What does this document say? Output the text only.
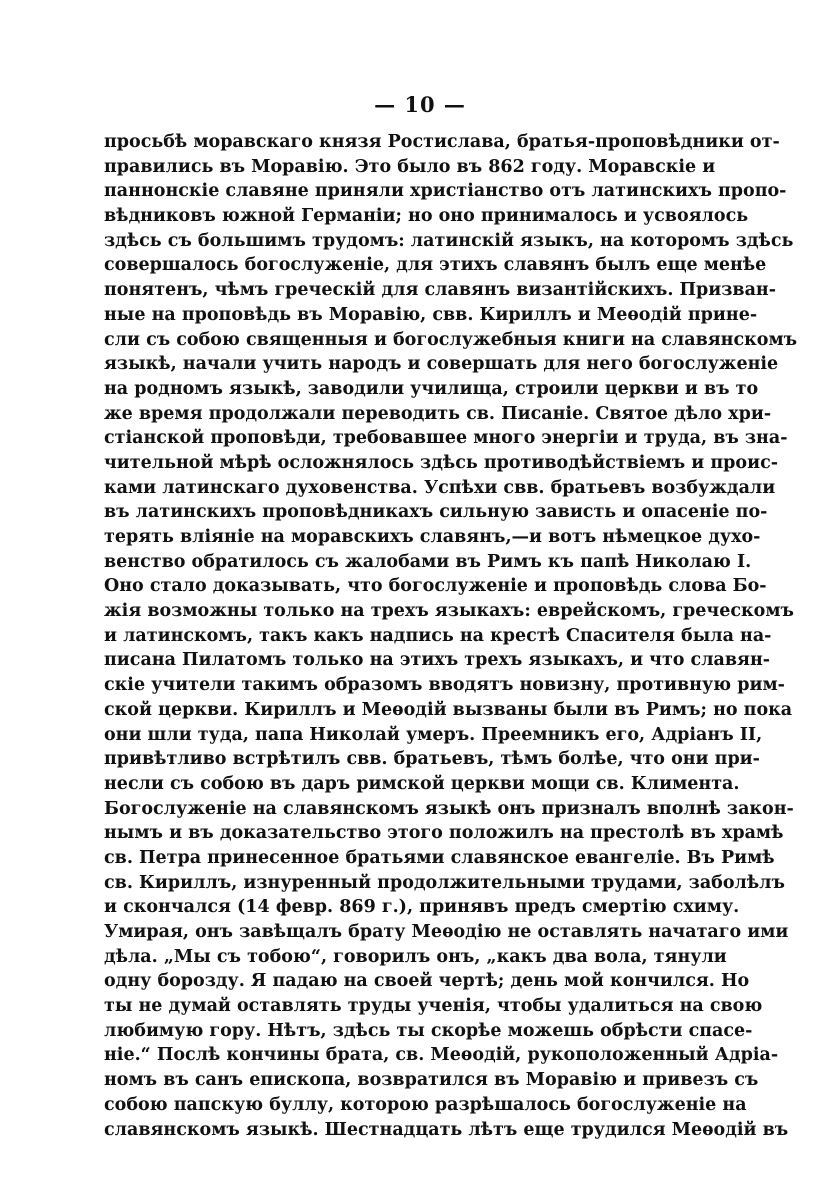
— 10 —
просьбѣ моравскаго князя Ростислава, братья-проповѣдники от-
правились въ Моравію. Это было въ 862 году. Моравскіе и
паннонскіе славяне приняли христіанство отъ латинскихъ пропо-
вѣдниковъ южной Германіи; но оно принималось и усвоялось
здѣсь съ большимъ трудомъ: латинскій языкъ, на которомъ здѣсь
совершалось богослуженіе, для этихъ славянъ былъ еще менѣе
понятенъ, чѣмъ греческій для славянъ византійскихъ. Призван-
ные на проповѣдь въ Моравію, свв. Кириллъ и Меѳодій прине-
сли съ собою священныя и богослужебныя книги на славянскомъ
языкѣ, начали учить народъ и совершать для него богослуженіе
на родномъ языкѣ, заводили училища, строили церкви и въ то
же время продолжали переводить св. Писаніе. Святое дѣло хри-
стіанской проповѣди, требовавшее много энергіи и труда, въ зна-
чительной мѣрѣ осложнялось здѣсь противодѣйствіемъ и проис-
ками латинскаго духовенства. Успѣхи свв. братьевъ возбуждали
въ латинскихъ проповѣдникахъ сильную зависть и опасеніе по-
терять вліяніе на моравскихъ славянъ,—и вотъ нѣмецкое духо-
венство обратилось съ жалобами въ Римъ къ папѣ Николаю I.
Оно стало доказывать, что богослуженіе и проповѣдь слова Бо-
жія возможны только на трехъ языкахъ: еврейскомъ, греческомъ
и латинскомъ, такъ какъ надпись на крестѣ Спасителя была на-
писана Пилатомъ только на этихъ трехъ языкахъ, и что славян-
скіе учители такимъ образомъ вводятъ новизну, противную рим-
ской церкви. Кириллъ и Меѳодій вызваны были въ Римъ; но пока
они шли туда, папа Николай умеръ. Преемникъ его, Адріанъ II,
привѣтливо встрѣтилъ свв. братьевъ, тѣмъ болѣе, что они при-
несли съ собою въ даръ римской церкви мощи св. Климента.
Богослуженіе на славянскомъ языкѣ онъ призналъ вполнѣ закон-
нымъ и въ доказательство этого положилъ на престолѣ въ храмѣ
св. Петра принесенное братьями славянское евангеліе. Въ Римѣ
св. Кириллъ, изнуренный продолжительными трудами, заболѣлъ
и скончался (14 февр. 869 г.), принявъ предъ смертію схиму.
Умирая, онъ завѣщалъ брату Меѳодію не оставлять начатаго ими
дѣла. „Мы съ тобою“, говорилъ онъ, „какъ два вола, тянули
одну борозду. Я падаю на своей чертѣ; день мой кончился. Но
ты не думай оставлять труды ученія, чтобы удалиться на свою
любимую гору. Нѣтъ, здѣсь ты скорѣе можешь обрѣсти спасе-
ніе.“ Послѣ кончины брата, св. Меѳодій, рукоположенный Адріа-
номъ въ санъ епископа, возвратился въ Моравію и привезъ съ
собою папскую буллу, которою разрѣшалось богослуженіе на
славянскомъ языкѣ. Шестнадцать лѣтъ еще трудился Меѳодій въ
